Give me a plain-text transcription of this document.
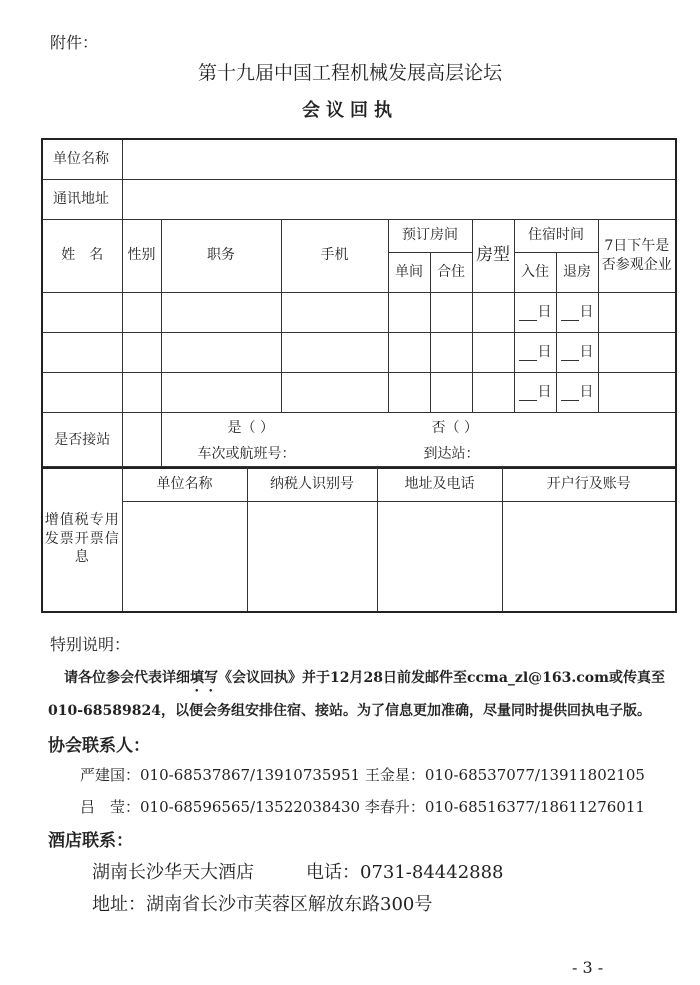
附件：
第十九届中国工程机械发展高层论坛
会议回执
单位名称									
通讯地址									
姓　名	性别	职务	手机	预订房间		房型	住宿时间		7日下午是否参观企业
				单间	合住		入住	退房	
							日	日	
							日	日	
							日	日	
是否接站		是（ ） 否（ ）
车次或航班号： 到达站：							
增值税专用发票开票信息	单位名称	纳税人识别号	地址及电话	开户行及账号

特别说明：
请各位参会代表详细填写《会议回执》并于12月28日前发邮件至ccma_zl@163.com或传真至
010-68589824，以便会务组安排住宿、接站。为了信息更加准确，尽量同时提供回执电子版。
协会联系人：
严建国：010-68537867/13910735951 王金星：010-68537077/13911802105
吕　莹：010-68596565/13522038430 李春升：010-68516377/18611276011
酒店联系：
湖南长沙华天大酒店	电话：0731-84442888
地址：湖南省长沙市芙蓉区解放东路300号
- 3 -
